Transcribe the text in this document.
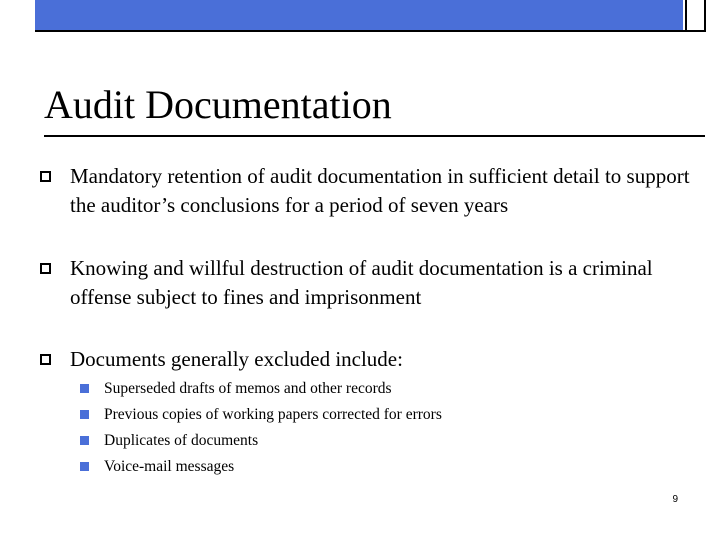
Audit Documentation
Mandatory retention of audit documentation in sufficient detail to support the auditor’s conclusions for a period of seven years
Knowing and willful destruction of audit documentation is a criminal offense subject to fines and imprisonment
Documents generally excluded include:
Superseded drafts of memos and other records
Previous copies of working papers corrected for errors
Duplicates of documents
Voice-mail messages
9
